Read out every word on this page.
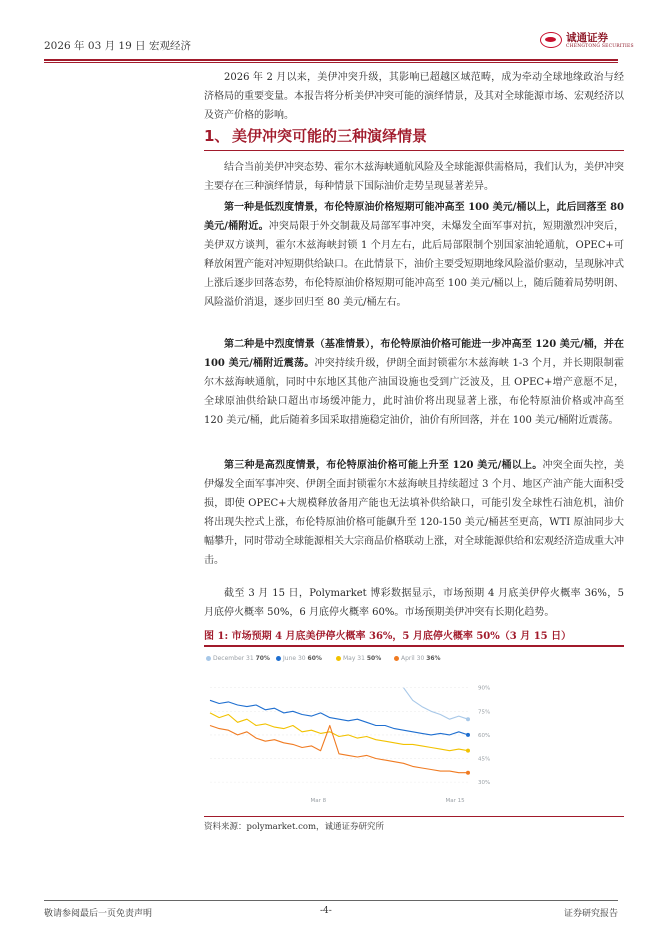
2026 年 03 月 19 日 宏观经济
诚通证券
CHENGTONG SECURITIES
2026 年 2 月以来，美伊冲突升级，其影响已超越区域范畴，成为牵动全球地缘政治与经济格局的重要变量。本报告将分析美伊冲突可能的演绎情景，及其对全球能源市场、宏观经济以及资产价格的影响。
1、 美伊冲突可能的三种演绎情景
结合当前美伊冲突态势、霍尔木兹海峡通航风险及全球能源供需格局，我们认为，美伊冲突主要存在三种演绎情景，每种情景下国际油价走势呈现显著差异。
第一种是低烈度情景，布伦特原油价格短期可能冲高至 100 美元/桶以上，此后回落至 80 美元/桶附近。冲突局限于外交制裁及局部军事冲突，未爆发全面军事对抗，短期激烈冲突后，美伊双方谈判，霍尔木兹海峡封锁 1 个月左右，此后局部限制个别国家油轮通航，OPEC+可释放闲置产能对冲短期供给缺口。在此情景下，油价主要受短期地缘风险溢价驱动，呈现脉冲式上涨后逐步回落态势，布伦特原油价格短期可能冲高至 100 美元/桶以上，随后随着局势明朗、风险溢价消退，逐步回归至 80 美元/桶左右。
第二种是中烈度情景（基准情景），布伦特原油价格可能进一步冲高至 120 美元/桶，并在 100 美元/桶附近震荡。冲突持续升级，伊朗全面封锁霍尔木兹海峡 1-3 个月，并长期限制霍尔木兹海峡通航，同时中东地区其他产油国设施也受到广泛波及，且 OPEC+增产意愿不足，全球原油供给缺口超出市场缓冲能力，此时油价将出现显著上涨，布伦特原油价格或冲高至 120 美元/桶，此后随着多国采取措施稳定油价，油价有所回落，并在 100 美元/桶附近震荡。
第三种是高烈度情景，布伦特原油价格可能上升至 120 美元/桶以上。冲突全面失控，美伊爆发全面军事冲突、伊朗全面封锁霍尔木兹海峡且持续超过 3 个月、地区产油产能大面积受损，即使 OPEC+大规模释放备用产能也无法填补供给缺口，可能引发全球性石油危机，油价将出现失控式上涨，布伦特原油价格可能飙升至 120-150 美元/桶甚至更高，WTI 原油同步大幅攀升，同时带动全球能源相关大宗商品价格联动上涨，对全球能源供给和宏观经济造成重大冲击。
截至 3 月 15 日，Polymarket 博彩数据显示，市场预期 4 月底美伊停火概率 36%，5 月底停火概率 50%，6 月底停火概率 60%。市场预期美伊冲突有长期化趋势。
图 1: 市场预期 4 月底美伊停火概率 36%，5 月底停火概率 50%（3 月 15 日）
December 31 70%	June 30 60%	May 31 50%	April 30 36%
90%
75%
60%
45%
30%
Mar 8	Mar 15
资料来源：polymarket.com，诚通证券研究所
敬请参阅最后一页免责声明	-4-	证券研究报告
